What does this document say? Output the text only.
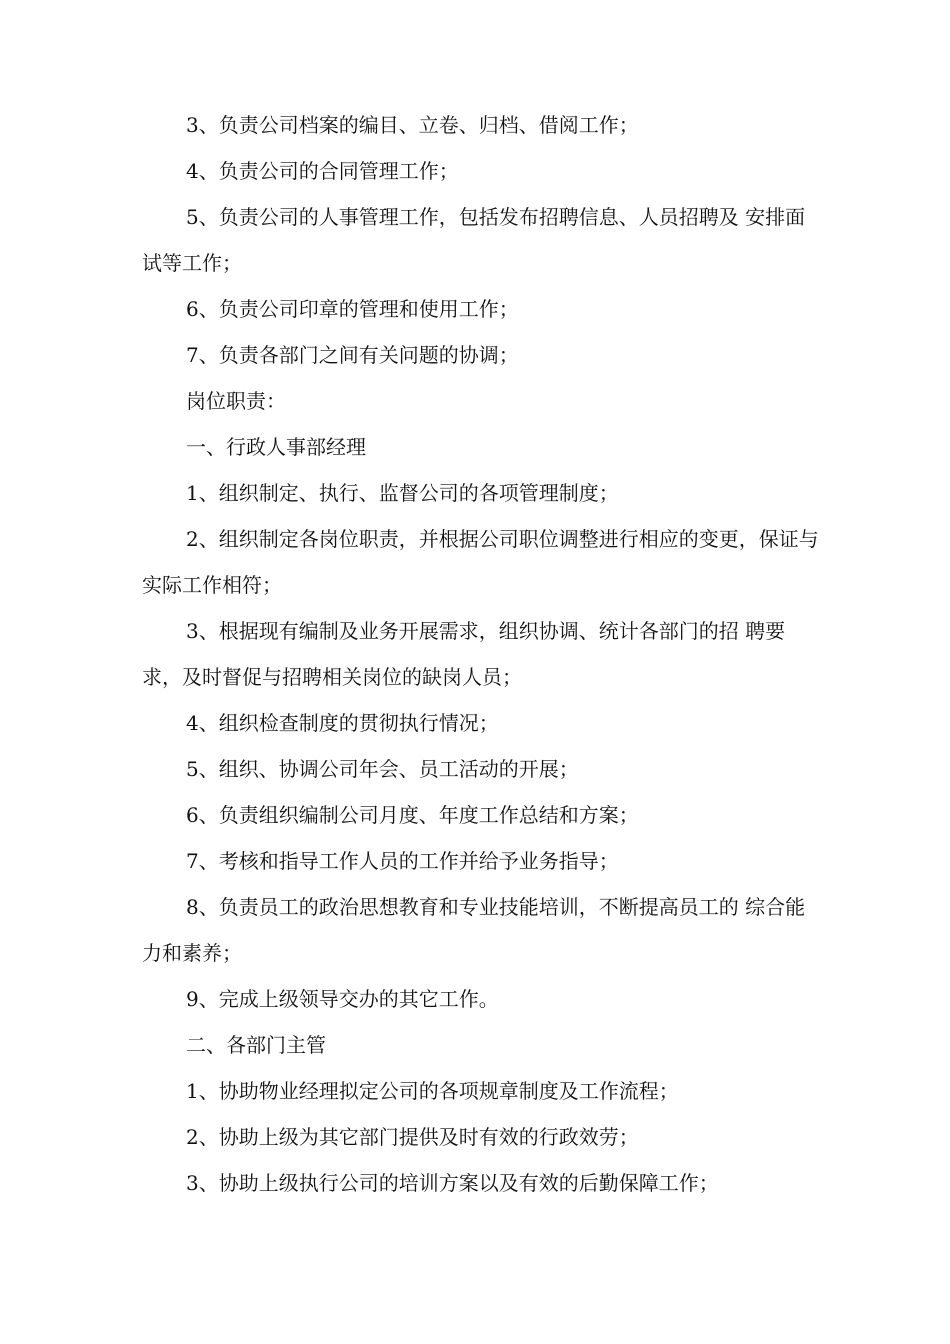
3、负责公司档案的编目、立卷、归档、借阅工作；

4、负责公司的合同管理工作；

5、负责公司的人事管理工作，包括发布招聘信息、人员招聘及 安排面试等工作；

6、负责公司印章的管理和使用工作；

7、负责各部门之间有关问题的协调；

岗位职责：

一、行政人事部经理

1、组织制定、执行、监督公司的各项管理制度；

2、组织制定各岗位职责，并根据公司职位调整进行相应的变更，保证与实际工作相符；

3、根据现有编制及业务开展需求，组织协调、统计各部门的招 聘要求，及时督促与招聘相关岗位的缺岗人员；

4、组织检查制度的贯彻执行情况；

5、组织、协调公司年会、员工活动的开展；

6、负责组织编制公司月度、年度工作总结和方案；

7、考核和指导工作人员的工作并给予业务指导；

8、负责员工的政治思想教育和专业技能培训，不断提高员工的 综合能力和素养；

9、完成上级领导交办的其它工作。

二、各部门主管

1、协助物业经理拟定公司的各项规章制度及工作流程；

2、协助上级为其它部门提供及时有效的行政效劳；

3、协助上级执行公司的培训方案以及有效的后勤保障工作；
